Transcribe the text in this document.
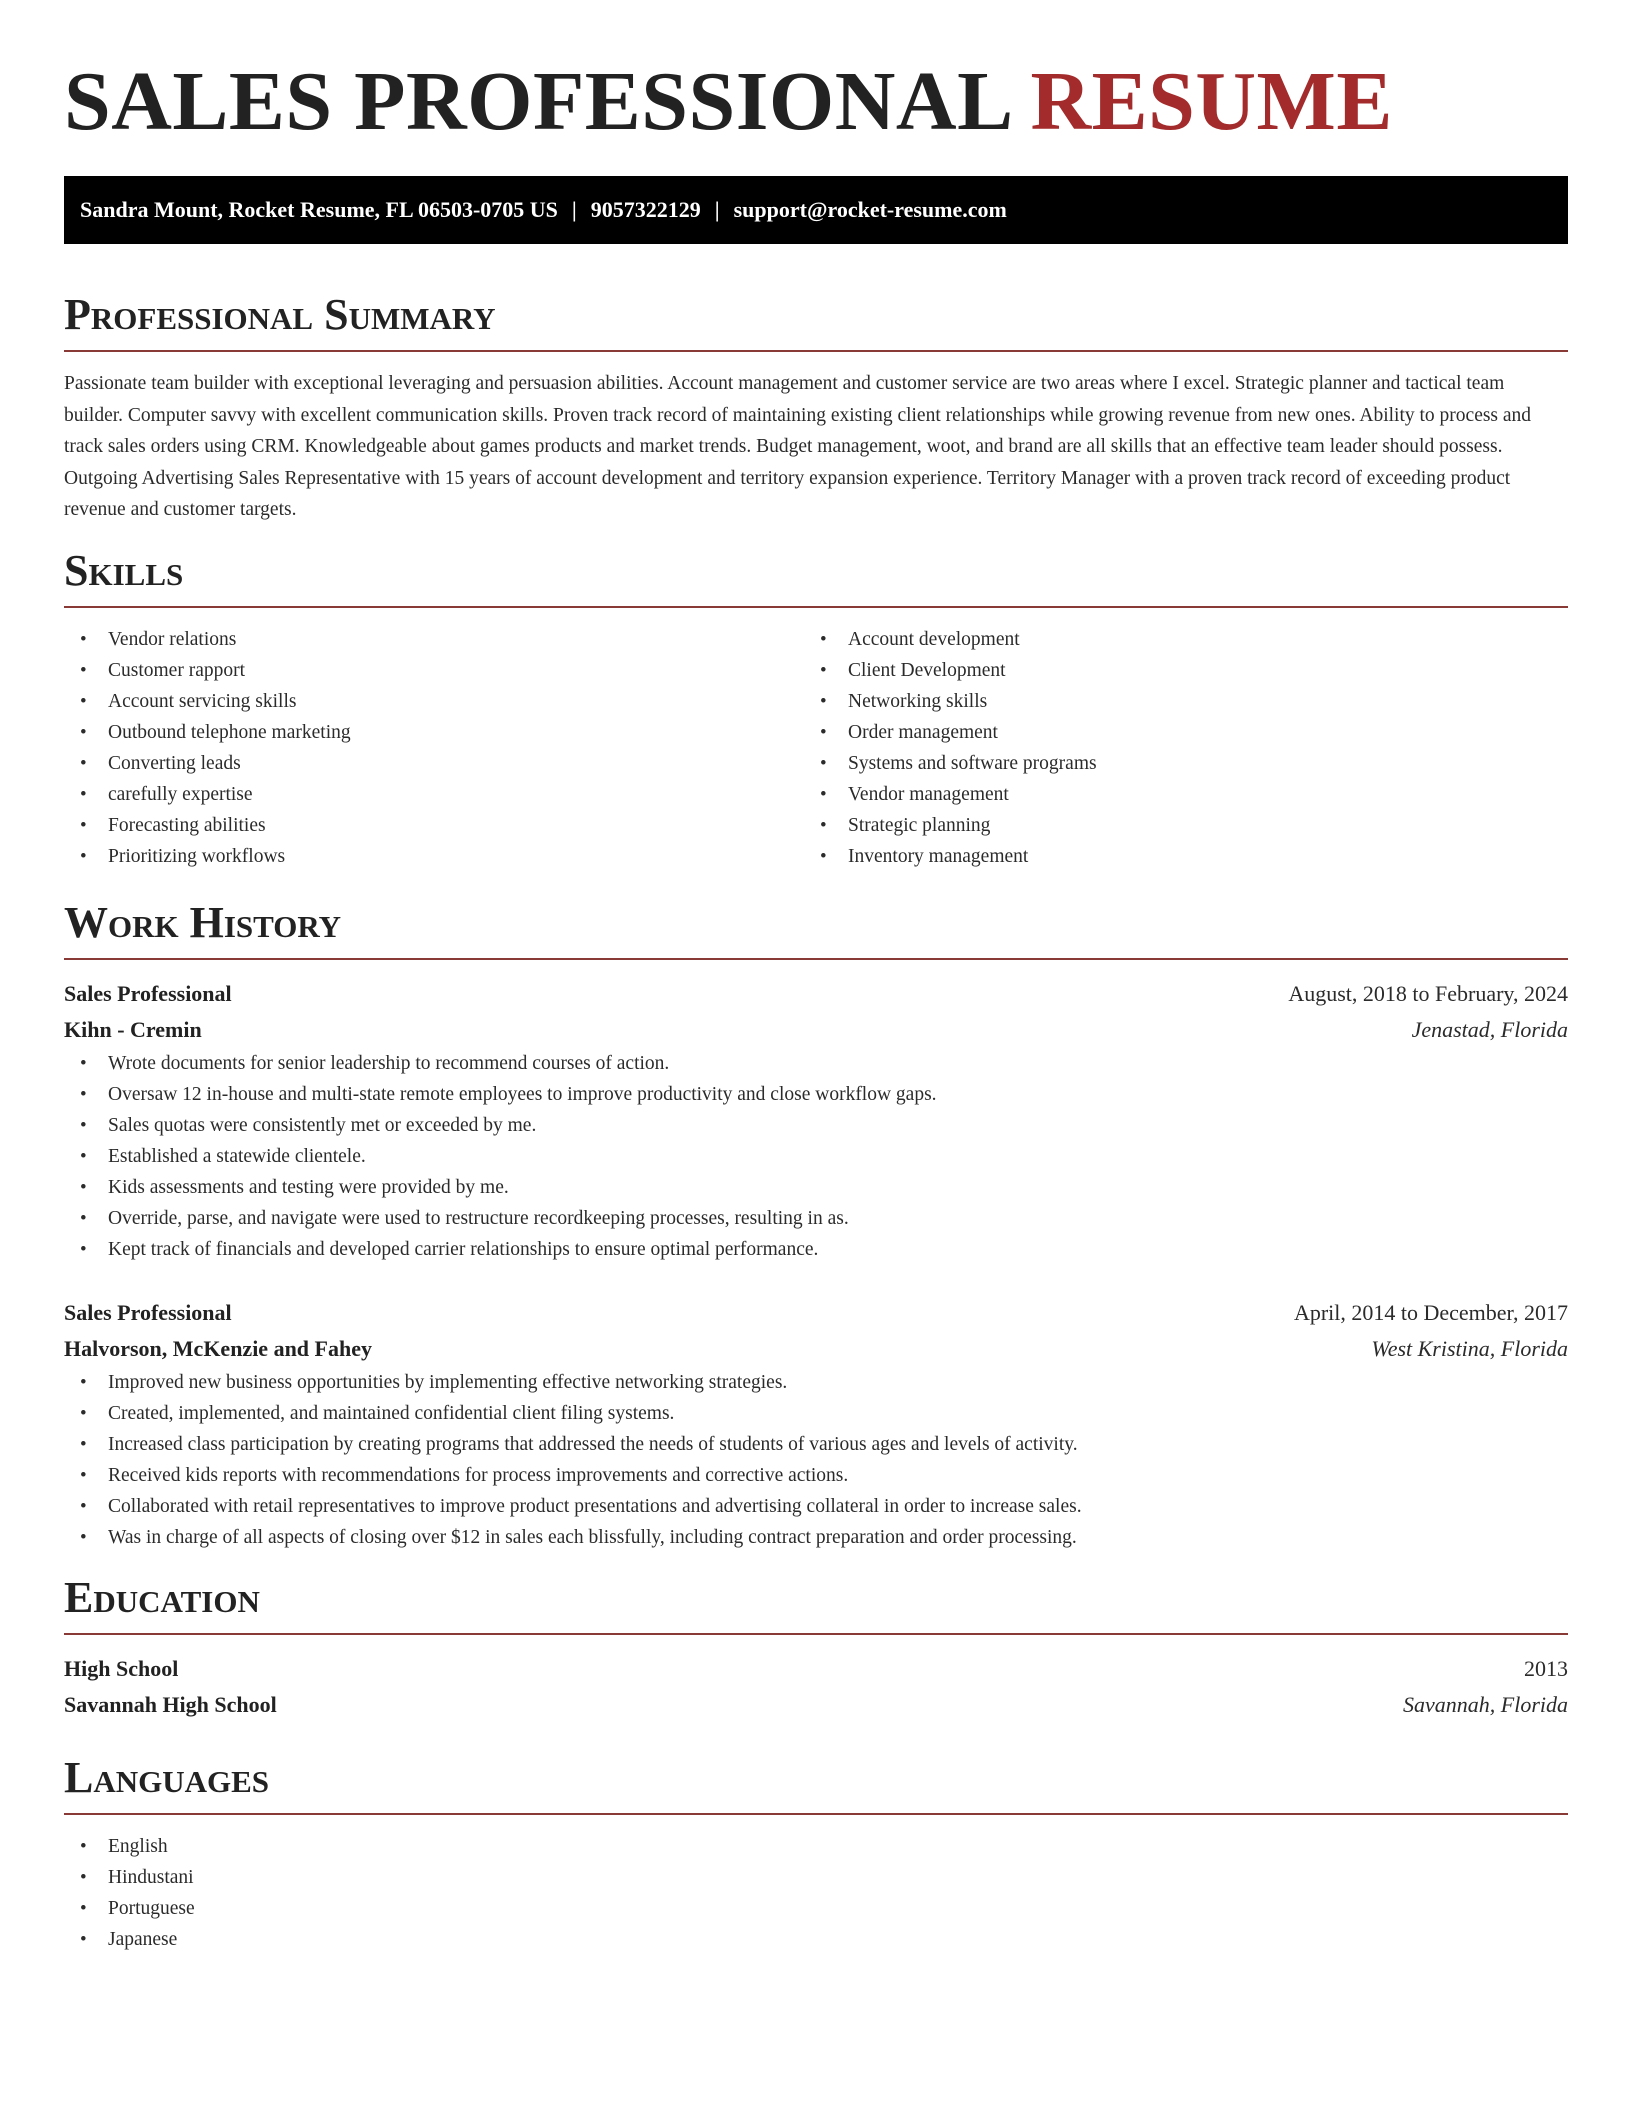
SALES PROFESSIONAL RESUME
Sandra Mount, Rocket Resume, FL 06503-0705 US | 9057322129 | support@rocket-resume.com
Professional Summary

Passionate team builder with exceptional leveraging and persuasion abilities. Account management and customer service are two areas where I excel. Strategic planner and tactical team builder. Computer savvy with excellent communication skills. Proven track record of maintaining existing client relationships while growing revenue from new ones. Ability to process and track sales orders using CRM. Knowledgeable about games products and market trends. Budget management, woot, and brand are all skills that an effective team leader should possess. Outgoing Advertising Sales Representative with 15 years of account development and territory expansion experience. Territory Manager with a proven track record of exceeding product revenue and customer targets.

Skills
• Vendor relations
• Customer rapport
• Account servicing skills
• Outbound telephone marketing
• Converting leads
• carefully expertise
• Forecasting abilities
• Prioritizing workflows
• Account development
• Client Development
• Networking skills
• Order management
• Systems and software programs
• Vendor management
• Strategic planning
• Inventory management
Work History
Sales Professional	August, 2018 to February, 2024
Kihn - Cremin	Jenastad, Florida
• Wrote documents for senior leadership to recommend courses of action.
• Oversaw 12 in-house and multi-state remote employees to improve productivity and close workflow gaps.
• Sales quotas were consistently met or exceeded by me.
• Established a statewide clientele.
• Kids assessments and testing were provided by me.
• Override, parse, and navigate were used to restructure recordkeeping processes, resulting in as.
• Kept track of financials and developed carrier relationships to ensure optimal performance.
Sales Professional	April, 2014 to December, 2017
Halvorson, McKenzie and Fahey	West Kristina, Florida
• Improved new business opportunities by implementing effective networking strategies.
• Created, implemented, and maintained confidential client filing systems.
• Increased class participation by creating programs that addressed the needs of students of various ages and levels of activity.
• Received kids reports with recommendations for process improvements and corrective actions.
• Collaborated with retail representatives to improve product presentations and advertising collateral in order to increase sales.
• Was in charge of all aspects of closing over $12 in sales each blissfully, including contract preparation and order processing.
Education
High School	2013
Savannah High School	Savannah, Florida
Languages
• English
• Hindustani
• Portuguese
• Japanese
